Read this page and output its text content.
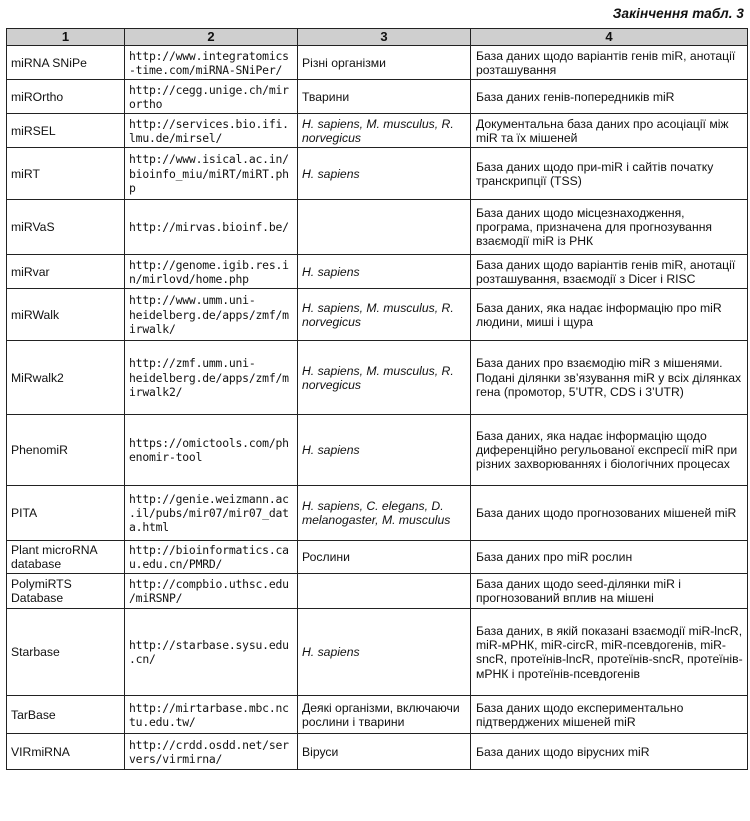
Закінчення табл. 3
1	2	3	4
miRNA SNiPe	http://www.integratomics-time.com/miRNA-SNiPer/	Різні організми	База даних щодо варіантів генів miR, анотації розташування
miROrtho	http://cegg.unige.ch/mirortho	Тварини	База даних генів-попередників miR
miRSEL	http://services.bio.ifi.lmu.de/mirsel/	H. sapiens, M. musculus, R. norvegicus	Документальна база даних про асоціації між miR та їх мішеней
miRT	http://www.isical.ac.in/ bioinfo_miu/miRT/miRT.php	H. sapiens	База даних щодо при-miR і сайтів початку транскрипції (TSS)
miRVaS	http://mirvas.bioinf.be/		База даних щодо місцезнаходження, програма, призначена для прогнозування взаємодії miR із РНК
miRvar	http://genome.igib.res.in/mirlovd/home.php	H. sapiens	База даних щодо варіантів генів miR, анотації розташування, взаємодії з Dicer і RISC
miRWalk	http://www.umm.uni-heidelberg.de/apps/zmf/mirwalk/	H. sapiens, M. musculus, R. norvegicus	База даних, яка надає інформацію про miR людини, миші і щура
MiRwalk2	http://zmf.umm.uni-heidelberg.de/apps/zmf/mirwalk2/	H. sapiens, M. musculus, R. norvegicus	База даних про взаємодію miR з мішенями. Подані ділянки зв’язування miR у всіх ділянках гена (промотор, 5’UTR, CDS і 3’UTR)
PhenomiR	https://omictools.com/phenomir-tool	H. sapiens	База даних, яка надає інформацію щодо диференційно регульованої експресії miR при різних захворюваннях і біологічних процесах
PITA	http://genie.weizmann.ac.il/pubs/mir07/mir07_data.html	H. sapiens, C. elegans, D. melanogaster, M. musculus	База даних щодо прогнозованих мішеней miR
Plant microRNA database	http://bioinformatics.cau.edu.cn/PMRD/	Рослини	База даних про miR рослин
PolymiRTS Database	http://compbio.uthsc.edu/miRSNP/		База даних щодо seed-ділянки miR і прогнозований вплив на мішені
Starbase	http://starbase.sysu.edu.cn/	H. sapiens	База даних, в якій показані взаємодії miR-lncR, miR-мРНК, miR-circR, miR-псевдогенів, miR-sncR, протеїнів-lncR, протеїнів-sncR, протеїнів-мРНК і протеїнів-псевдогенів
TarBase	http://mirtarbase.mbc.nctu.edu.tw/	Деякі організми, включаючи рослини і тварини	База даних щодо експериментально підтверджених мішеней miR
VIRmiRNA	http://crdd.osdd.net/servers/virmirna/	Віруси	База даних щодо вірусних miR
